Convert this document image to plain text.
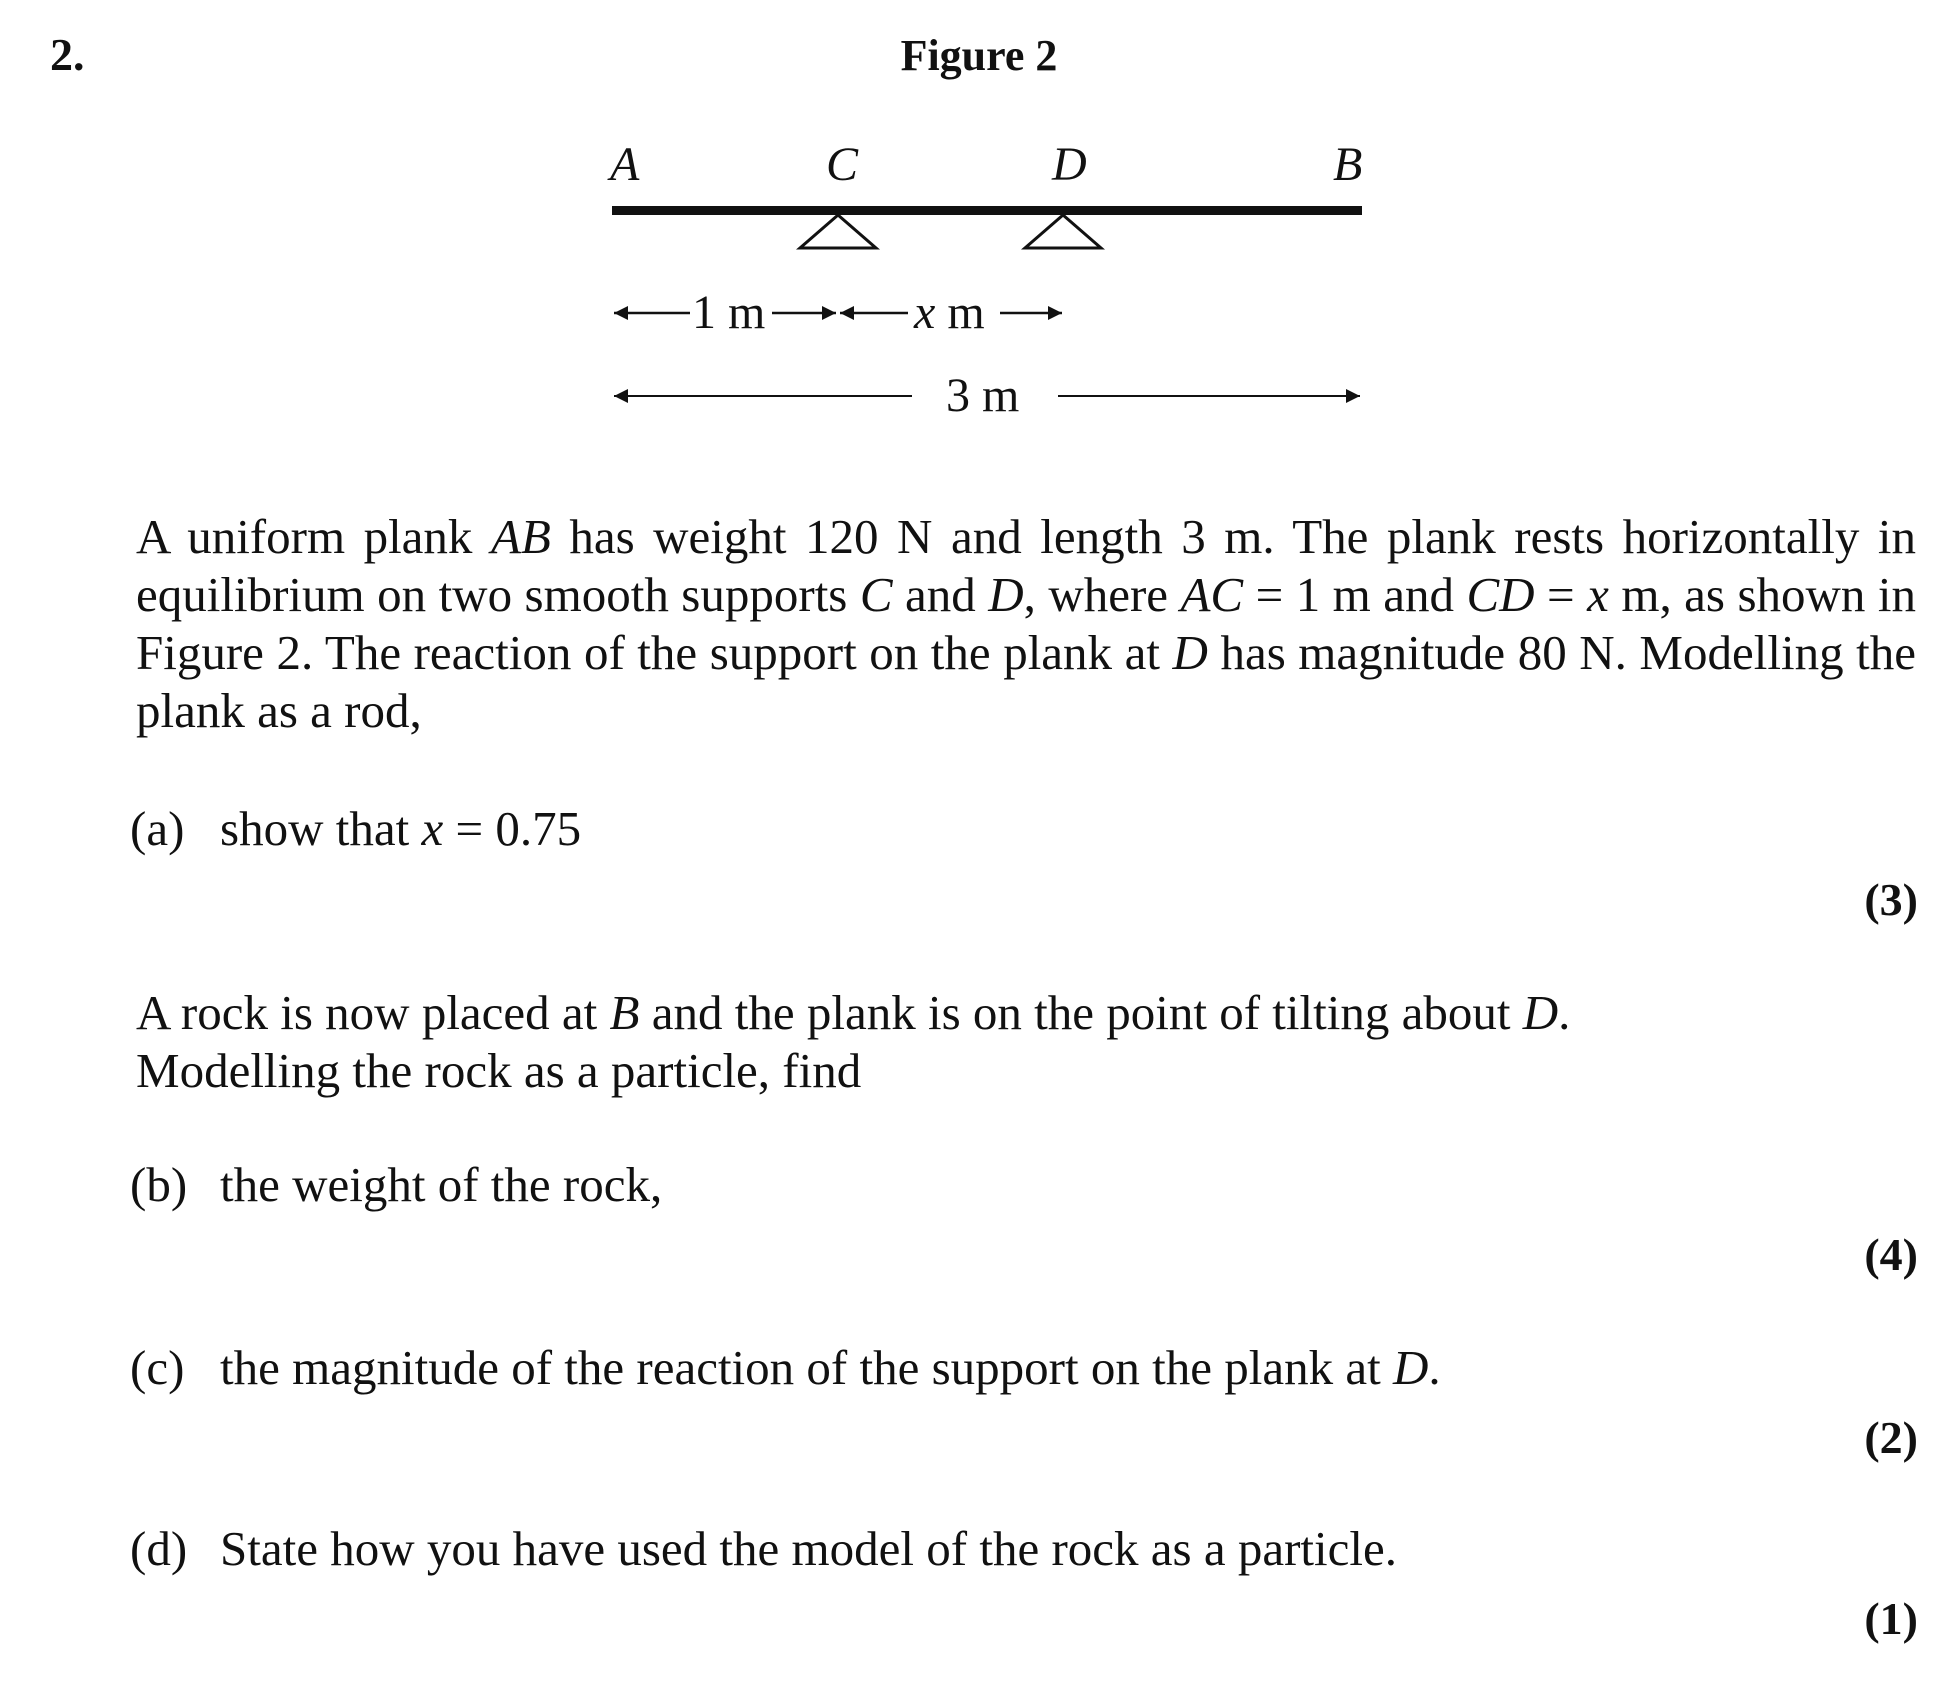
2.	Figure 2
A	C	D	B
1 m	x m
3 m
A uniform plank AB has weight 120 N and length 3 m. The plank rests horizontally in equilibrium on two smooth supports C and D, where AC = 1 m and CD = x m, as shown in Figure 2. The reaction of the support on the plank at D has magnitude 80 N. Modelling the plank as a rod,
(a) show that x = 0.75
(3)
A rock is now placed at B and the plank is on the point of tilting about D.
Modelling the rock as a particle, find
(b) the weight of the rock,
(4)
(c) the magnitude of the reaction of the support on the plank at D.
(2)
(d) State how you have used the model of the rock as a particle.
(1)
